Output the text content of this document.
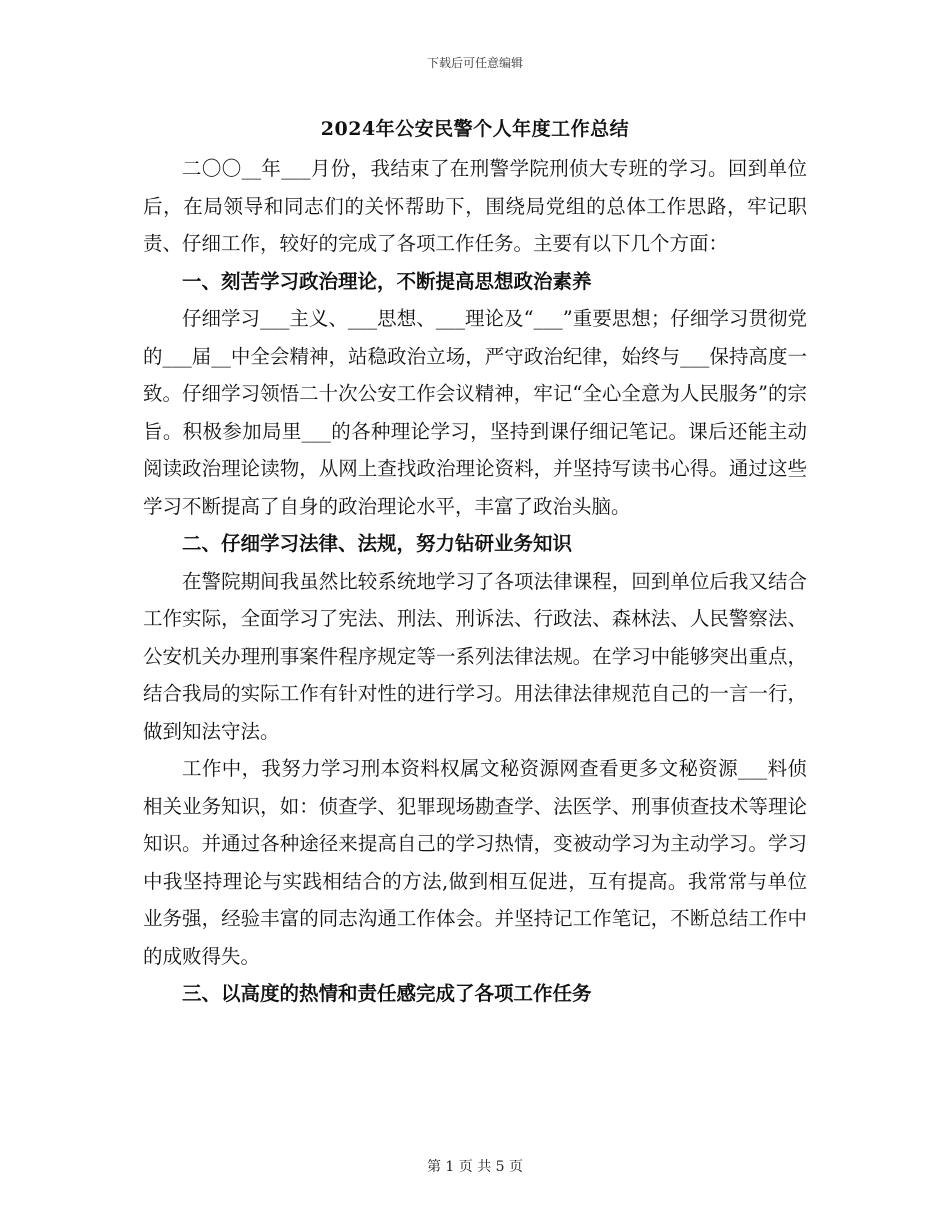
下载后可任意编辑
2024年公安民警个人年度工作总结

二〇〇__年___月份，我结束了在刑警学院刑侦大专班的学习。回到单位后，在局领导和同志们的关怀帮助下，围绕局党组的总体工作思路，牢记职责、仔细工作，较好的完成了各项工作任务。主要有以下几个方面：

一、刻苦学习政治理论，不断提高思想政治素养

仔细学习___主义、___思想、___理论及“___”重要思想；仔细学习贯彻党的___届__中全会精神，站稳政治立场，严守政治纪律，始终与___保持高度一致。仔细学习领悟二十次公安工作会议精神，牢记“全心全意为人民服务”的宗旨。积极参加局里___的各种理论学习，坚持到课仔细记笔记。课后还能主动阅读政治理论读物，从网上查找政治理论资料，并坚持写读书心得。通过这些学习不断提高了自身的政治理论水平，丰富了政治头脑。

二、仔细学习法律、法规，努力钻研业务知识

在警院期间我虽然比较系统地学习了各项法律课程，回到单位后我又结合工作实际，全面学习了宪法、刑法、刑诉法、行政法、森林法、人民警察法、公安机关办理刑事案件程序规定等一系列法律法规。在学习中能够突出重点，结合我局的实际工作有针对性的进行学习。用法律法律规范自己的一言一行，做到知法守法。

工作中，我努力学习刑本资料权属文秘资源网查看更多文秘资源___料侦相关业务知识，如：侦查学、犯罪现场勘查学、法医学、刑事侦查技术等理论知识。并通过各种途径来提高自己的学习热情，变被动学习为主动学习。学习中我坚持理论与实践相结合的方法,做到相互促进，互有提高。我常常与单位业务强，经验丰富的同志沟通工作体会。并坚持记工作笔记，不断总结工作中的成败得失。

三、以高度的热情和责任感完成了各项工作任务

第 1 页 共 5 页
